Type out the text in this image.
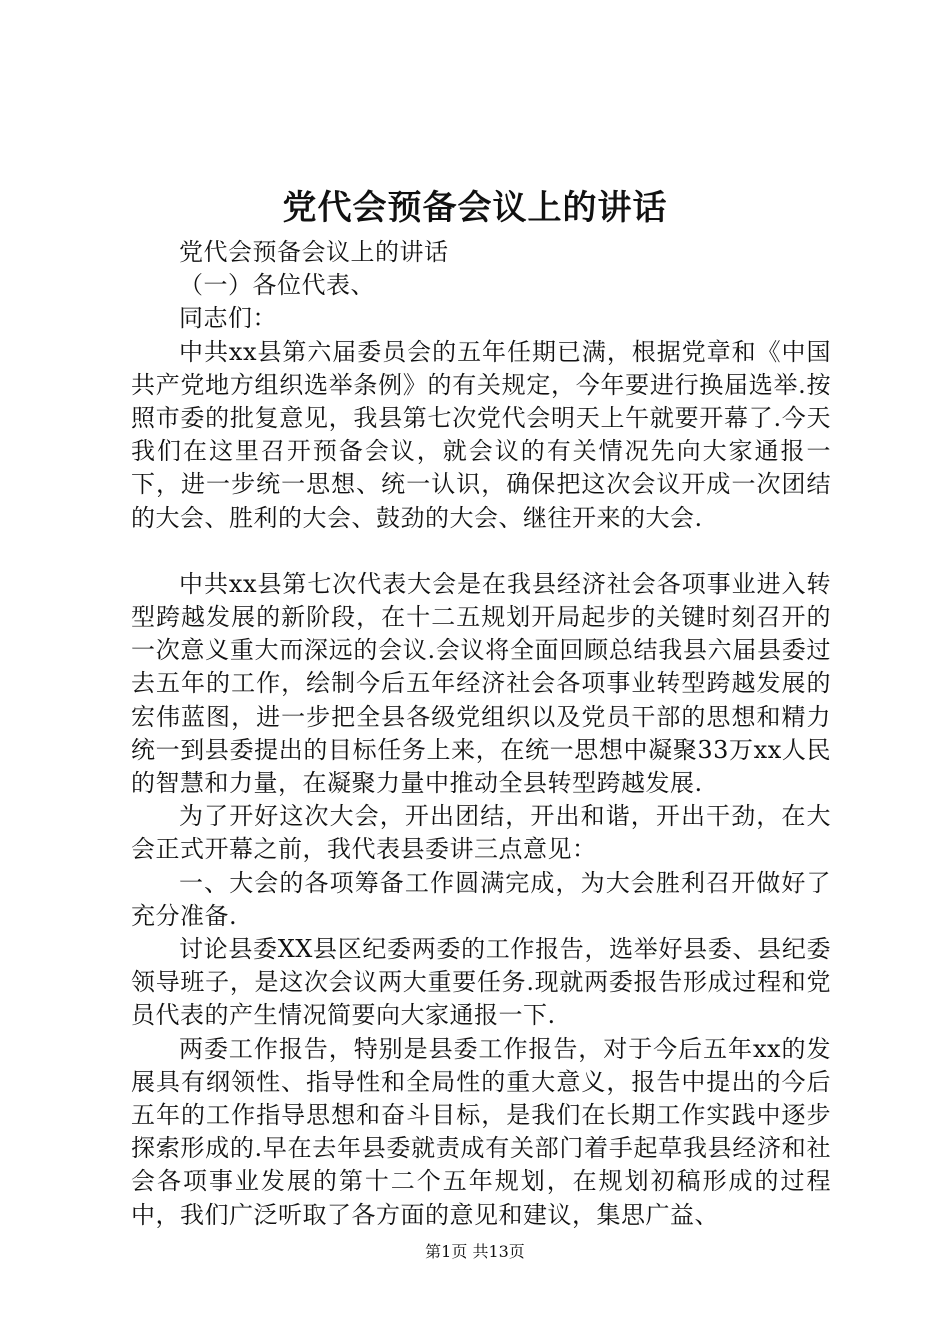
党代会预备会议上的讲话

党代会预备会议上的讲话

（一）各位代表、

同志们：

中共xx县第六届委员会的五年任期已满，根据党章和《中国共产党地方组织选举条例》的有关规定，今年要进行换届选举.按照市委的批复意见，我县第七次党代会明天上午就要开幕了.今天我们在这里召开预备会议，就会议的有关情况先向大家通报一下，进一步统一思想、统一认识，确保把这次会议开成一次团结的大会、胜利的大会、鼓劲的大会、继往开来的大会.

中共xx县第七次代表大会是在我县经济社会各项事业进入转型跨越发展的新阶段，在十二五规划开局起步的关键时刻召开的一次意义重大而深远的会议.会议将全面回顾总结我县六届县委过去五年的工作，绘制今后五年经济社会各项事业转型跨越发展的宏伟蓝图，进一步把全县各级党组织以及党员干部的思想和精力统一到县委提出的目标任务上来，在统一思想中凝聚33万xx人民的智慧和力量，在凝聚力量中推动全县转型跨越发展.

为了开好这次大会，开出团结，开出和谐，开出干劲，在大会正式开幕之前，我代表县委讲三点意见：

一、大会的各项筹备工作圆满完成，为大会胜利召开做好了充分准备.

讨论县委XX县区纪委两委的工作报告，选举好县委、县纪委领导班子，是这次会议两大重要任务.现就两委报告形成过程和党员代表的产生情况简要向大家通报一下.

两委工作报告，特别是县委工作报告，对于今后五年xx的发展具有纲领性、指导性和全局性的重大意义，报告中提出的今后五年的工作指导思想和奋斗目标，是我们在长期工作实践中逐步探索形成的.早在去年县委就责成有关部门着手起草我县经济和社会各项事业发展的第十二个五年规划，在规划初稿形成的过程中，我们广泛听取了各方面的意见和建议，集思广益、

第1页 共13页
